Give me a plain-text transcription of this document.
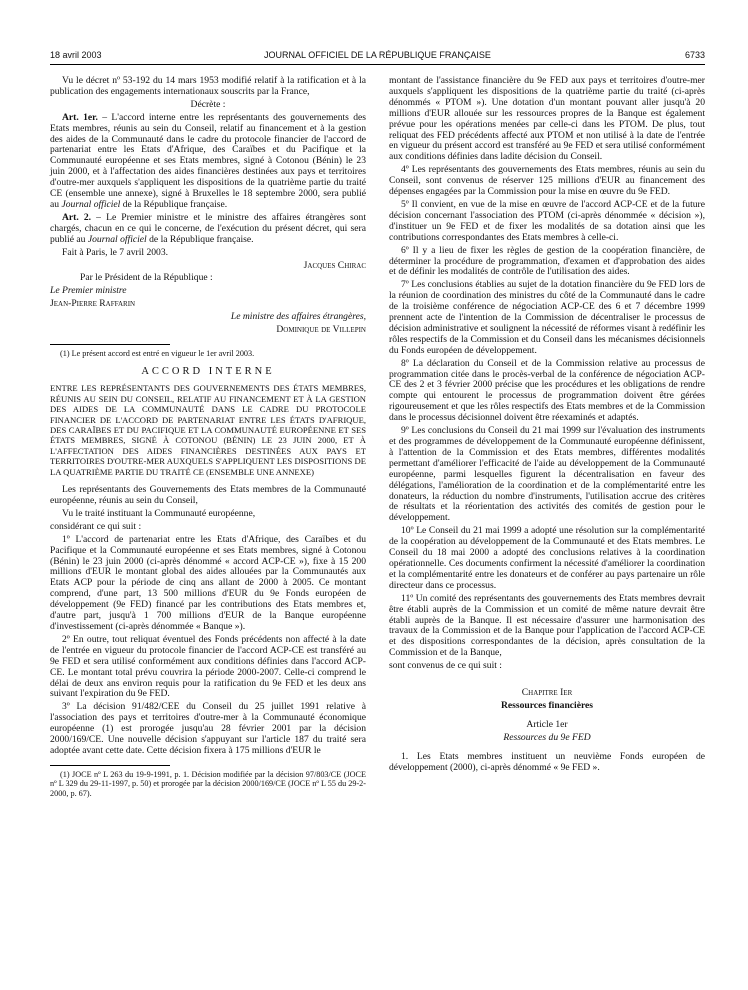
18 avril 2003	JOURNAL OFFICIEL DE LA RÉPUBLIQUE FRANÇAISE	6733

Vu le décret nº 53-192 du 14 mars 1953 modifié relatif à la ratification et à la publication des engagements internationaux souscrits par la France,

Décrète :

Art. 1er. – L'accord interne entre les représentants des gouvernements des Etats membres, réunis au sein du Conseil, relatif au financement et à la gestion des aides de la Communauté dans le cadre du protocole financier de l'accord de partenariat entre les Etats d'Afrique, des Caraïbes et du Pacifique et la Communauté européenne et ses Etats membres, signé à Cotonou (Bénin) le 23 juin 2000, et à l'affectation des aides financières destinées aux pays et territoires d'outre-mer auxquels s'appliquent les dispositions de la quatrième partie du traité CE (ensemble une annexe), signé à Bruxelles le 18 septembre 2000, sera publié au Journal officiel de la République française.

Art. 2. – Le Premier ministre et le ministre des affaires étrangères sont chargés, chacun en ce qui le concerne, de l'exécution du présent décret, qui sera publié au Journal officiel de la République française.

Fait à Paris, le 7 avril 2003.

Jacques Chirac

Par le Président de la République :

Le Premier ministre

Jean-Pierre Raffarin

Le ministre des affaires étrangères,

Dominique de Villepin

(1) Le présent accord est entré en vigueur le 1er avril 2003.

ACCORD INTERNE

ENTRE LES REPRÉSENTANTS DES GOUVERNEMENTS DES ÉTATS MEMBRES, RÉUNIS AU SEIN DU CONSEIL, RELATIF AU FINANCEMENT ET À LA GESTION DES AIDES DE LA COMMUNAUTÉ DANS LE CADRE DU PROTOCOLE FINANCIER DE L'ACCORD DE PARTENARIAT ENTRE LES ÉTATS D'AFRIQUE, DES CARAÏBES ET DU PACIFIQUE ET LA COMMUNAUTÉ EUROPÉENNE ET SES ÉTATS MEMBRES, SIGNÉ À COTONOU (BÉNIN) LE 23 JUIN 2000, ET À L'AFFECTATION DES AIDES FINANCIÈRES DESTINÉES AUX PAYS ET TERRITOIRES D'OUTRE-MER AUXQUELS S'APPLIQUENT LES DISPOSITIONS DE LA QUATRIÈME PARTIE DU TRAITÉ CE (ENSEMBLE UNE ANNEXE)

Les représentants des Gouvernements des Etats membres de la Communauté européenne, réunis au sein du Conseil,

Vu le traité instituant la Communauté européenne,

considérant ce qui suit :

1º L'accord de partenariat entre les Etats d'Afrique, des Caraïbes et du Pacifique et la Communauté européenne et ses Etats membres, signé à Cotonou (Bénin) le 23 juin 2000 (ci-après dénommé « accord ACP-CE »), fixe à 15 200 millions d'EUR le montant global des aides allouées par la Communautés aux Etats ACP pour la période de cinq ans allant de 2000 à 2005. Ce montant comprend, d'une part, 13 500 millions d'EUR du 9e Fonds européen de développement (9e FED) financé par les contributions des Etats membres et, d'autre part, jusqu'à 1 700 millions d'EUR de la Banque européenne d'investissement (ci-après dénommée « Banque »).

2º En outre, tout reliquat éventuel des Fonds précédents non affecté à la date de l'entrée en vigueur du protocole financier de l'accord ACP-CE est transféré au 9e FED et sera utilisé conformément aux conditions définies dans l'accord ACP-CE. Le montant total prévu couvrira la période 2000-2007. Celle-ci comprend le délai de deux ans environ requis pour la ratification du 9e FED et les deux ans suivant l'expiration du 9e FED.

3º La décision 91/482/CEE du Conseil du 25 juillet 1991 relative à l'association des pays et territoires d'outre-mer à la Communauté économique européenne (1) est prorogée jusqu'au 28 février 2001 par la décision 2000/169/CE. Une nouvelle décision s'appuyant sur l'article 187 du traité sera adoptée avant cette date. Cette décision fixera à 175 millions d'EUR le

(1) JOCE nº L 263 du 19-9-1991, p. 1. Décision modifiée par la décision 97/803/CE (JOCE nº L 329 du 29-11-1997, p. 50) et prorogée par la décision 2000/169/CE (JOCE nº L 55 du 29-2-2000, p. 67).

montant de l'assistance financière du 9e FED aux pays et territoires d'outre-mer auxquels s'appliquent les dispositions de la quatrième partie du traité (ci-après dénommés « PTOM »). Une dotation d'un montant pouvant aller jusqu'à 20 millions d'EUR allouée sur les ressources propres de la Banque est également prévue pour les opérations menées par celle-ci dans les PTOM. De plus, tout reliquat des FED précédents affecté aux PTOM et non utilisé à la date de l'entrée en vigueur du présent accord est transféré au 9e FED et sera utilisé conformément aux conditions définies dans ladite décision du Conseil.

4º Les représentants des gouvernements des Etats membres, réunis au sein du Conseil, sont convenus de réserver 125 millions d'EUR au financement des dépenses engagées par la Commission pour la mise en œuvre du 9e FED.

5º Il convient, en vue de la mise en œuvre de l'accord ACP-CE et de la future décision concernant l'association des PTOM (ci-après dénommée « décision »), d'instituer un 9e FED et de fixer les modalités de sa dotation ainsi que les contributions correspondantes des Etats membres à celle-ci.

6º Il y a lieu de fixer les règles de gestion de la coopération financière, de déterminer la procédure de programmation, d'examen et d'approbation des aides et de définir les modalités de contrôle de l'utilisation des aides.

7º Les conclusions établies au sujet de la dotation financière du 9e FED lors de la réunion de coordination des ministres du côté de la Communauté dans le cadre de la troisième conférence de négociation ACP-CE des 6 et 7 décembre 1999 prennent acte de l'intention de la Commission de décentraliser le processus de décision administrative et soulignent la nécessité de réformes visant à redéfinir les rôles respectifs de la Commission et du Conseil dans les mécanismes décisionnels du Fonds européen de développement.

8º La déclaration du Conseil et de la Commission relative au processus de programmation citée dans le procès-verbal de la conférence de négociation ACP-CE des 2 et 3 février 2000 précise que les procédures et les obligations de rendre compte qui entourent le processus de programmation doivent être gérées rigoureusement et que les rôles respectifs des Etats membres et de la Commission dans le processus décisionnel doivent être réexaminés et adaptés.

9º Les conclusions du Conseil du 21 mai 1999 sur l'évaluation des instruments et des programmes de développement de la Communauté européenne définissent, à l'attention de la Commission et des Etats membres, différentes modalités permettant d'améliorer l'efficacité de l'aide au développement de la Communauté européenne, parmi lesquelles figurent la décentralisation en faveur des délégations, l'amélioration de la coordination et de la complémentarité entre les donateurs, la réduction du nombre d'instruments, l'utilisation accrue des critères de résultats et la réorientation des activités des comités de gestion pour le développement.

10º Le Conseil du 21 mai 1999 a adopté une résolution sur la complémentarité de la coopération au développement de la Communauté et des Etats membres. Le Conseil du 18 mai 2000 a adopté des conclusions relatives à la coordination opérationnelle. Ces documents confirment la nécessité d'améliorer la coordination et la complémentarité entre les donateurs et de conférer au pays partenaire un rôle directeur dans ce processus.

11º Un comité des représentants des gouvernements des Etats membres devrait être établi auprès de la Commission et un comité de même nature devrait être établi auprès de la Banque. Il est nécessaire d'assurer une harmonisation des travaux de la Commission et de la Banque pour l'application de l'accord ACP-CE et des dispositions correspondantes de la décision, après consultation de la Commission et de la Banque,

sont convenus de ce qui suit :

Chapitre Ier

Ressources financières

Article 1er

Ressources du 9e FED

1. Les Etats membres instituent un neuvième Fonds européen de développement (2000), ci-après dénommé « 9e FED ».
